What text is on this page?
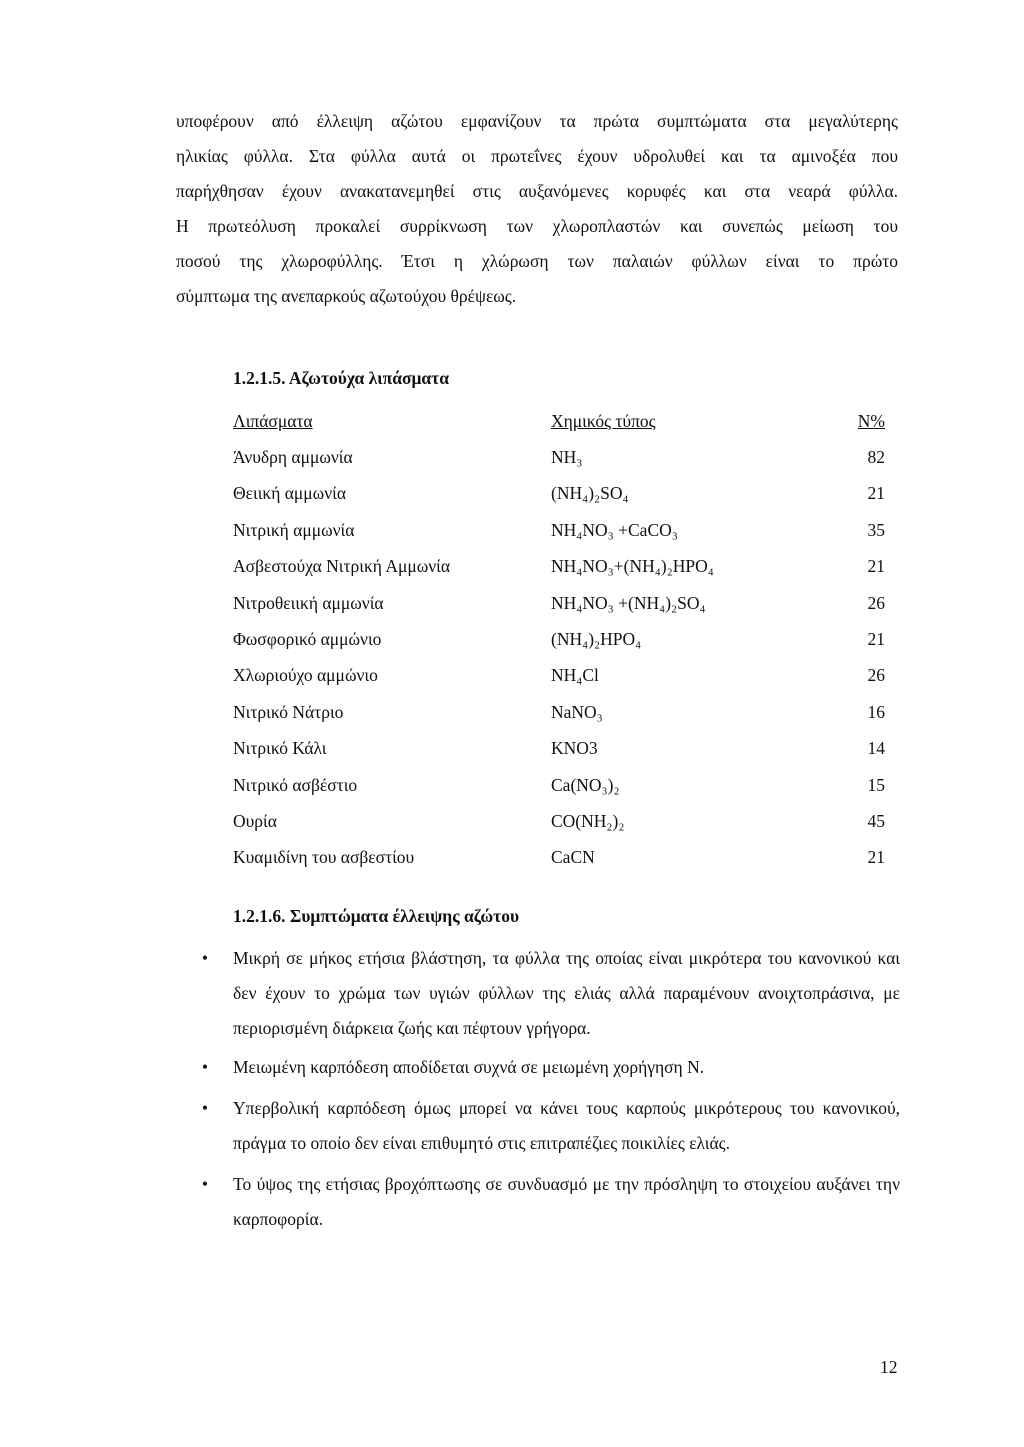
υποφέρουν από έλλειψη αζώτου εμφανίζουν τα πρώτα συμπτώματα στα μεγαλύτερης
ηλικίας φύλλα. Στα φύλλα αυτά οι πρωτεΐνες έχουν υδρολυθεί και τα αμινοξέα που
παρήχθησαν έχουν ανακατανεμηθεί στις αυξανόμενες κορυφές και στα νεαρά φύλλα.
Η πρωτεόλυση προκαλεί συρρίκνωση των χλωροπλαστών και συνεπώς μείωση του
ποσού της χλωροφύλλης. Έτσι η χλώρωση των παλαιών φύλλων είναι το πρώτο
σύμπτωμα της ανεπαρκούς αζωτούχου θρέψεως.
1.2.1.5. Αζωτούχα λιπάσματα
Λιπάσματα	Χημικός τύπος	N%
Άνυδρη αμμωνία	NH₃	82
Θειική αμμωνία	(NH₄)₂SO₄	21
Νιτρική αμμωνία	NH₄NO₃ +CaCO₃	35
Ασβεστούχα Νιτρική Αμμωνία	NH₄NO₃+(NH₄)₂HPO₄	21
Νιτροθειική αμμωνία	NH₄NO₃ +(NH₄)₂SO₄	26
Φωσφορικό αμμώνιο	(NH₄)₂HPO₄	21
Χλωριούχο αμμώνιο	NH₄Cl	26
Νιτρικό Νάτριο	NaNO₃	16
Νιτρικό Κάλι	KNO3	14
Νιτρικό ασβέστιο	Ca(NO₃)₂	15
Ουρία	CO(NH₂)₂	45
Κυαμιδίνη του ασβεστίου	CaCN	21
1.2.1.6. Συμπτώματα έλλειψης αζώτου
• Μικρή σε μήκος ετήσια βλάστηση, τα φύλλα της οποίας είναι μικρότερα του κανονικού και δεν έχουν το χρώμα των υγιών φύλλων της ελιάς αλλά παραμένουν ανοιχτοπράσινα, με περιορισμένη διάρκεια ζωής και πέφτουν γρήγορα.
• Μειωμένη καρπόδεση αποδίδεται συχνά σε μειωμένη χορήγηση Ν.
• Υπερβολική καρπόδεση όμως μπορεί να κάνει τους καρπούς μικρότερους του κανονικού, πράγμα το οποίο δεν είναι επιθυμητό στις επιτραπέζιες ποικιλίες ελιάς.
• Το ύψος της ετήσιας βροχόπτωσης σε συνδυασμό με την πρόσληψη το στοιχείου αυξάνει την καρποφορία.
12
